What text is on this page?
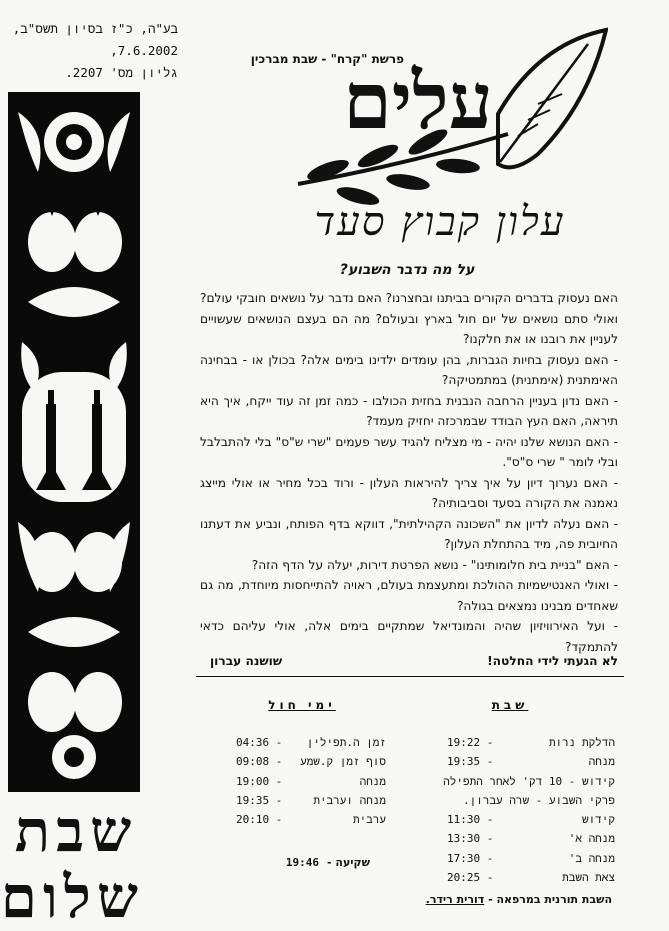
בע"ה, כ"ז בסיון תשס"ב,
7.6.2002,
גליון מס' 2207.
שבת
שלום
פרשת "קרח" - שבת מברכין
עלים
עלון קבוץ סעד
על מה נדבר השבוע?

האם נעסוק בדברים הקורים בביתנו ובחצרנו? האם נדבר על נושאים חובקי עולם? ואולי סתם נושאים של יום חול בארץ ובעולם? מה הם בעצם הנושאים שעשויים לעניין את רובנו או את חלקנו?

- האם נעסוק בחיות הגברות, בהן עומדים ילדינו בימים אלה? בכולן או - בבחינה האימתנית (אימתנית) במתמטיקה?

- האם נדון בעניין הרחבה הנבנית בחזית הכולבו - כמה זמן זה עוד ייקח, איך היא תיראה, האם העץ הבודד שבמרכזה יחזיק מעמד?

- האם הנושא שלנו יהיה - מי מצליח להגיד עשר פעמים "שרי ש"ס" בלי להתבלבל ובלי לומר " שרי ס"ס".

- האם נערוך דיון על איך צריך להיראות העלון - ורוד בכל מחיר או אולי מייצג נאמנה את הקורה בסעד וסביבותיה?

- האם נעלה לדיון את "השכונה הקהילתית", דווקא בדף הפותח, ונביע את דעתנו החיובית פה, מיד בהתחלת העלון?

- האם "בניית בית חלומותינו" - נושא הפרטת דירות, יעלה על הדף הזה?

- ואולי האנטישמיות ההולכת ומתעצמת בעולם, ראויה להתייחסות מיוחדת, מה גם שאחדים מבנינו נמצאים בגולה?

- ועל האירוויזיון שהיה והמונדיאל שמתקיים בימים אלה, אולי עליהם כדאי להתמקד?

לא הגעתי לידי החלטה!
שושנה עברון
ימי חול	שבת
זמן ה.תפילין
04:36 -
סוף זמן ק.שמע
09:08 -
מנחה
19:00 -
מנחה וערבית
19:35 -
ערבית
20:10 -
הדלקת נרות
19:22 -
מנחה
19:35 -
קידוש - 10 דק' לאחר התפילה
פרקי השבוע - שרה עברון.
קידוש
11:30 -
מנחה א'
13:30 -
מנחה ב'
17:30 -
צאת השבת
20:25 -
שקיעה -19:46
השבת תורנית במרפאה - דורית רידר.
